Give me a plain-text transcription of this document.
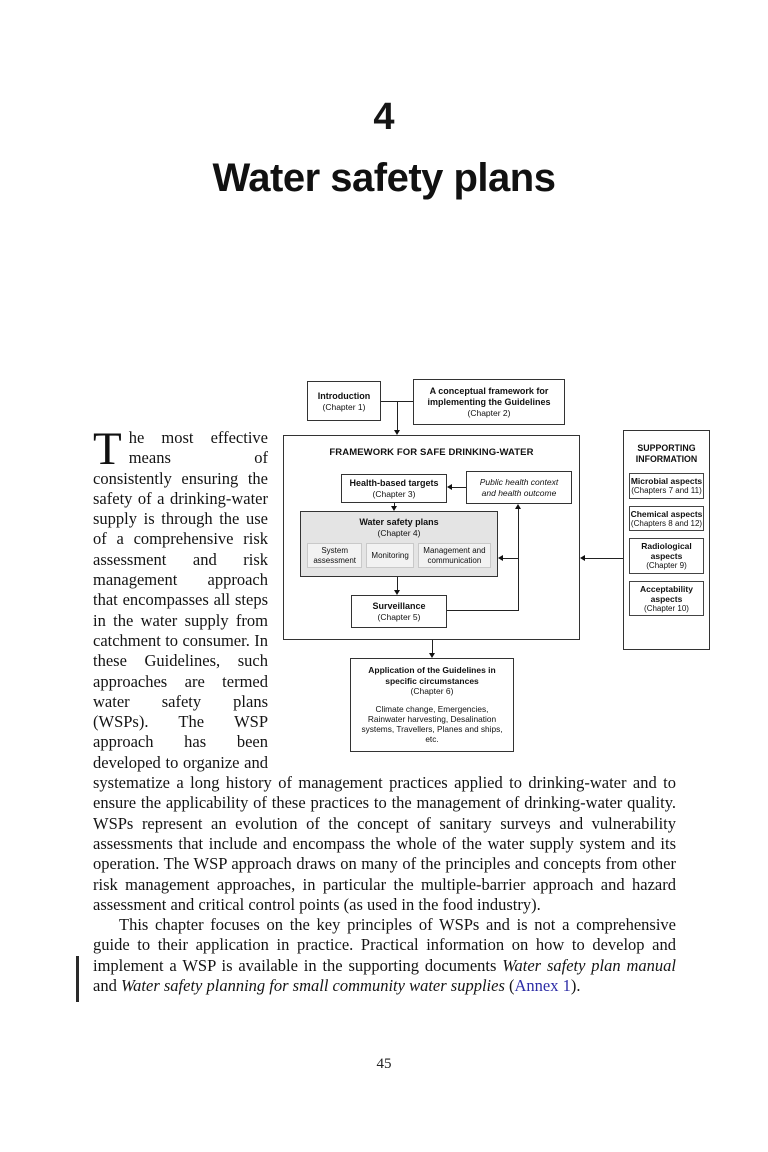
4
Water safety plans
Introduction
(Chapter 1)
A conceptual framework for implementing the Guidelines
(Chapter 2)
FRAMEWORK FOR SAFE DRINKING-WATER
Health-based targets
(Chapter 3)
Public health context and health outcome
Water safety plans
(Chapter 4)
System assessment
Monitoring
Management and communication
Surveillance
(Chapter 5)
SUPPORTING INFORMATION
Microbial aspects
(Chapters 7 and 11)
Chemical aspects
(Chapters 8 and 12)
Radiological aspects
(Chapter 9)
Acceptability aspects
(Chapter 10)
Application of the Guidelines in specific circumstances
(Chapter 6)
Climate change, Emergencies, Rainwater harvesting, Desalination systems, Travellers, Planes and ships, etc.

The most effective means of consistently ensuring the safety of a drinking-water supply is through the use of a comprehensive risk assessment and risk management approach that encompasses all steps in the water supply from catchment to consumer. In these Guidelines, such approaches are termed water safety plans (WSPs). The WSP approach has been developed to organize and systematize a long history of management practices applied to drinking-water and to ensure the applicability of these practices to the management of drinking-water quality. WSPs represent an evolution of the concept of sanitary surveys and vulnerability assessments that include and encompass the whole of the water supply system and its operation. The WSP approach draws on many of the principles and concepts from other risk management approaches, in particular the multiple-barrier approach and hazard assessment and critical control points (as used in the food industry).

This chapter focuses on the key principles of WSPs and is not a comprehensive guide to their application in practice. Practical information on how to develop and implement a WSP is available in the supporting documents Water safety plan manual and Water safety planning for small community water supplies (Annex 1).

45
